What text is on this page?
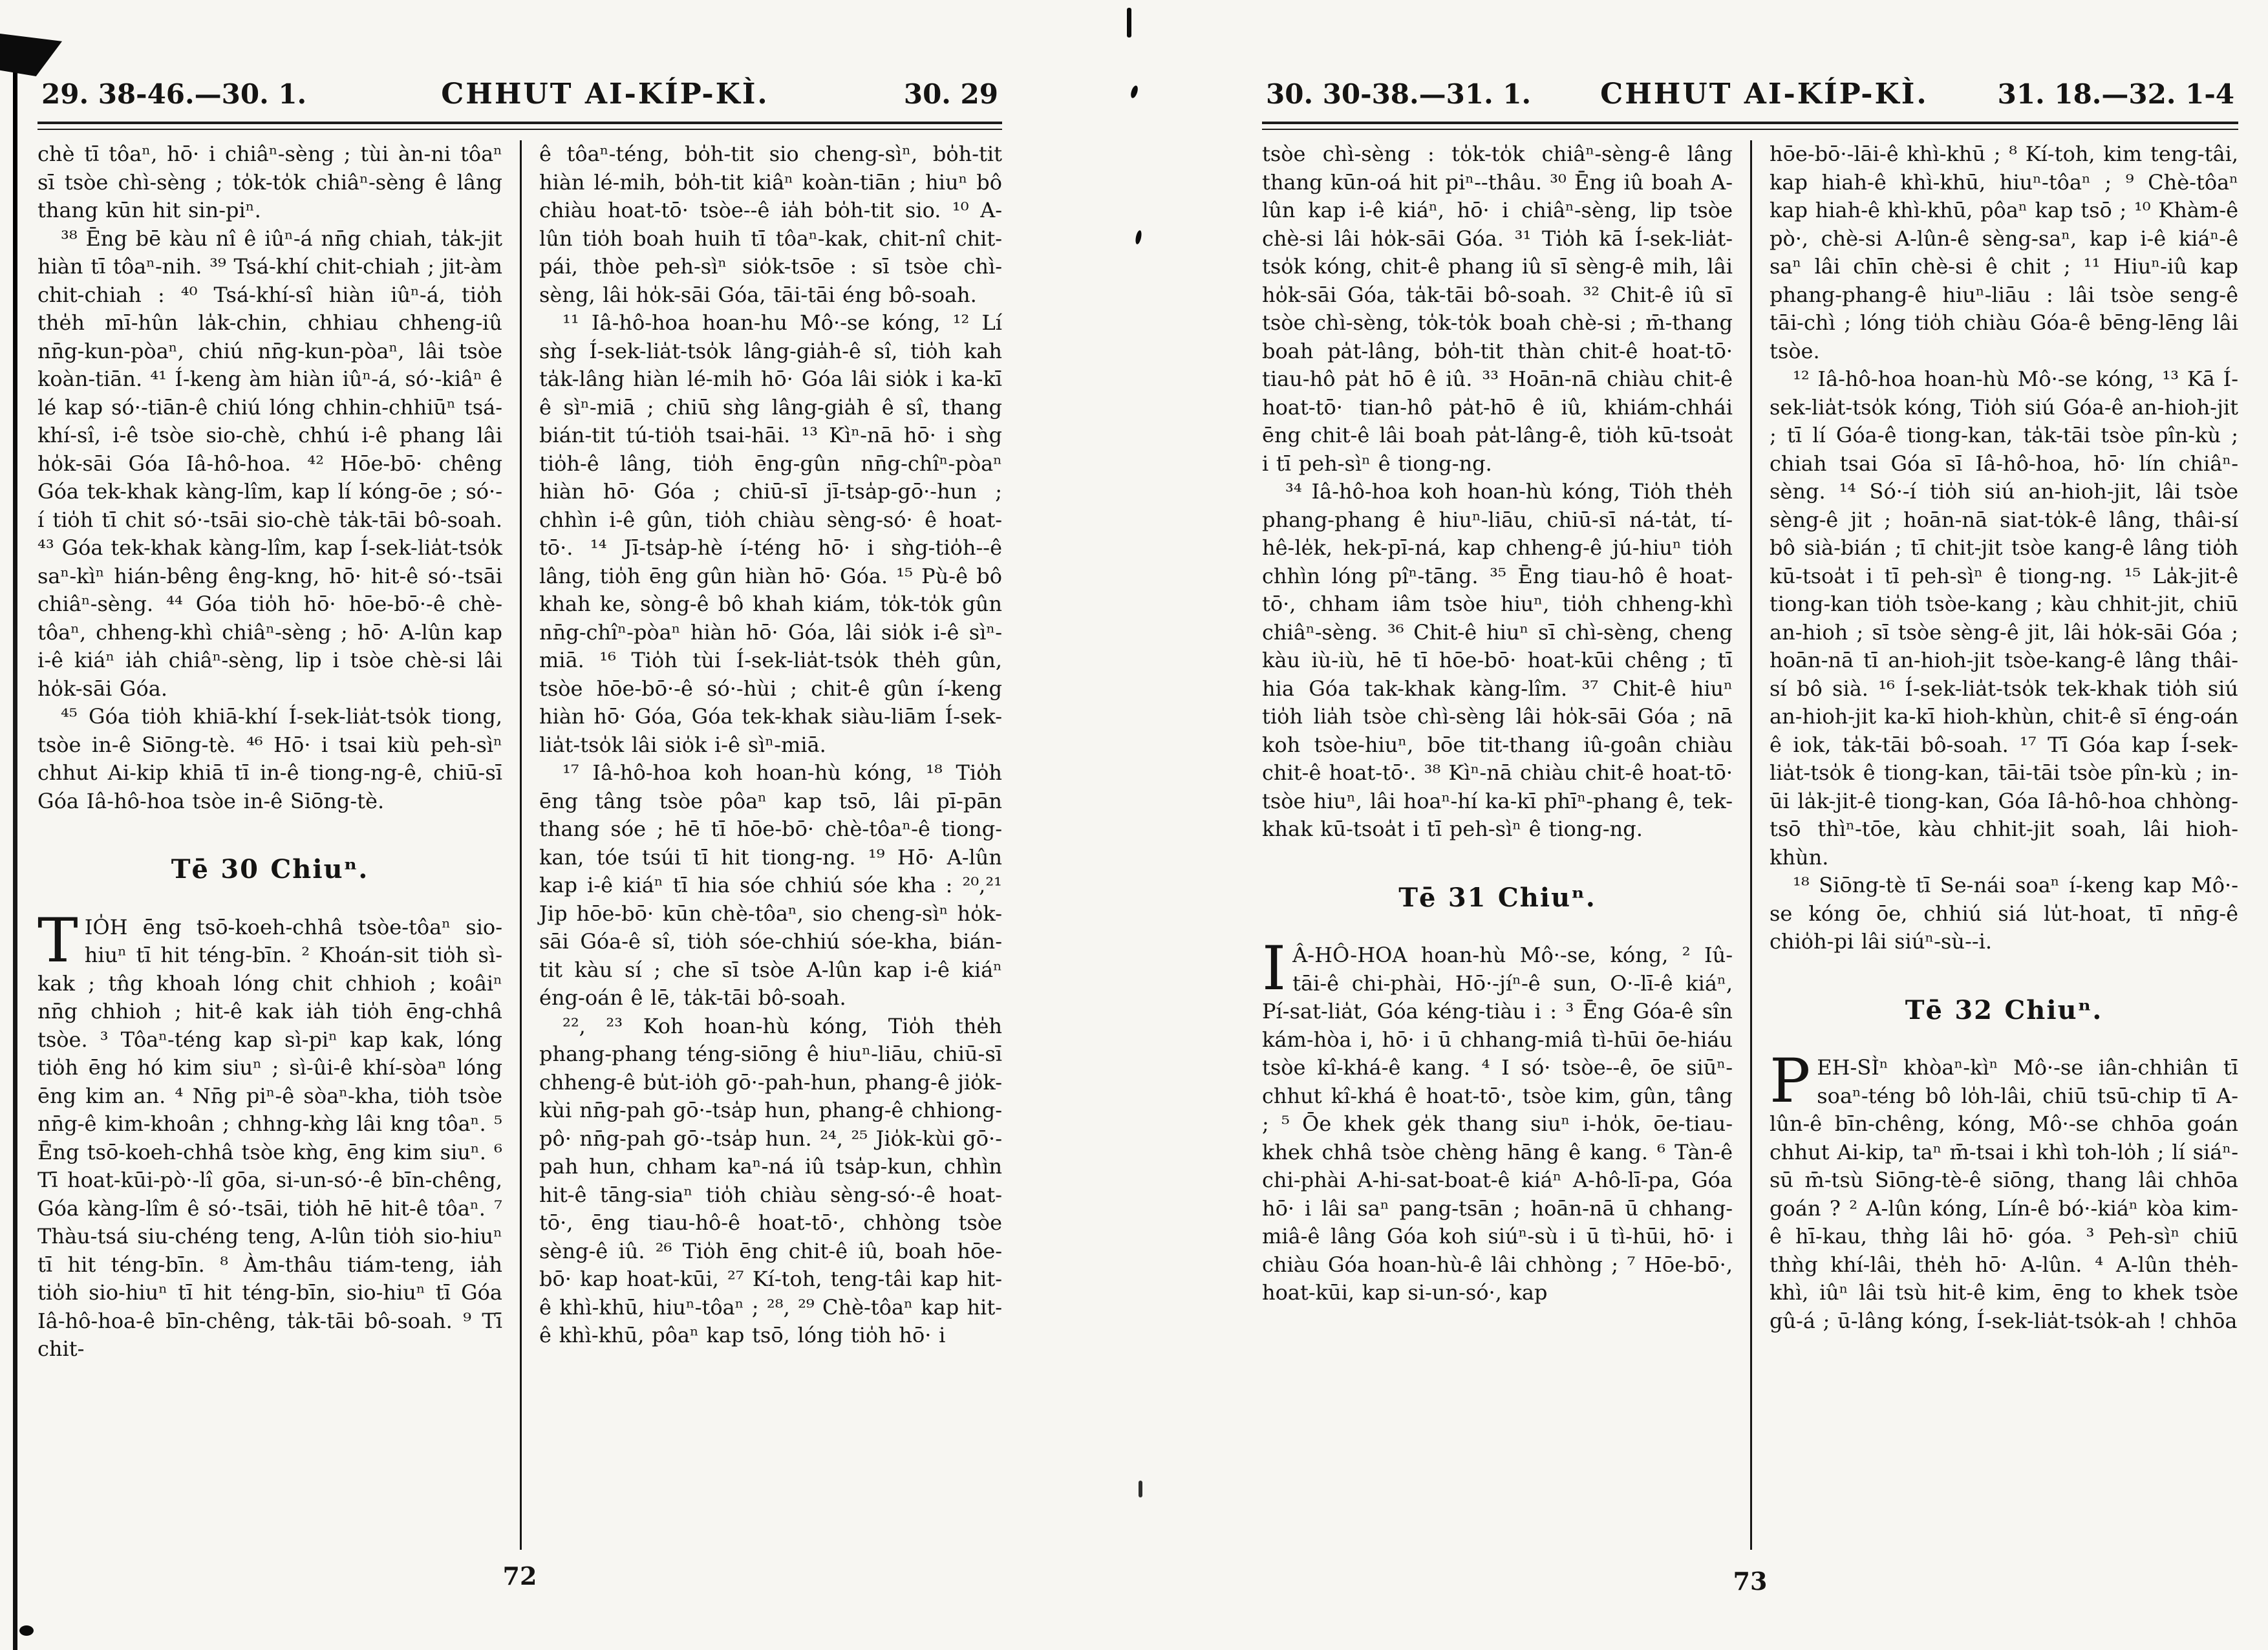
29. 38-46.—30. 1.	CHHUT AI-KÍP-KÌ.	30. 29

chè tī tôaⁿ, hō· i chiâⁿ-sèng ; tùi àn-ni tôaⁿ sī tsòe chì-sèng ; to̍k-to̍k chiâⁿ-sèng ê lâng thang kūn hit sin-piⁿ.

³⁸ Ēng bē kàu nî ê iûⁿ-á nn̄g chiah, ta̍k-jit hiàn tī tôaⁿ-nih. ³⁹ Tsá-khí chit-chiah ; jit-àm chit-chiah : ⁴⁰ Tsá-khí-sî hiàn iûⁿ-á, tio̍h the̍h mī-hûn la̍k-chin, chhiau chheng-iû nn̄g-kun-pòaⁿ, chiú nn̄g-kun-pòaⁿ, lâi tsòe koàn-tiān. ⁴¹ Í-keng àm hiàn iûⁿ-á, só·-kiâⁿ ê lé kap só·-tiān-ê chiú lóng chhin-chhiūⁿ tsá-khí-sî, i-ê tsòe sio-chè, chhú i-ê phang lâi ho̍k-sāi Góa Iâ-hô-hoa. ⁴² Hōe-bō· chêng Góa tek-khak kàng-lîm, kap lí kóng-ōe ; só·-í tio̍h tī chit só·-tsāi sio-chè ta̍k-tāi bô-soah. ⁴³ Góa tek-khak kàng-lîm, kap Í-sek-lia̍t-tso̍k saⁿ-kìⁿ hián-bêng êng-kng, hō· hit-ê só·-tsāi chiâⁿ-sèng. ⁴⁴ Góa tio̍h hō· hōe-bō·-ê chè-tôaⁿ, chheng-khì chiâⁿ-sèng ; hō· A-lûn kap i-ê kiáⁿ ia̍h chiâⁿ-sèng, lip i tsòe chè-si lâi ho̍k-sāi Góa.

⁴⁵ Góa tio̍h khiā-khí Í-sek-lia̍t-tso̍k tiong, tsòe in-ê Siōng-tè. ⁴⁶ Hō· i tsai kiù peh-sìⁿ chhut Ai-kip khiā tī in-ê tiong-ng-ê, chiū-sī Góa Iâ-hô-hoa tsòe in-ê Siōng-tè.

Tē 30 Chiuⁿ.

TIO̍H ēng tsō-koeh-chhâ tsòe-tôaⁿ sio-hiuⁿ tī hit téng-bīn. ² Khoán-sit tio̍h sì-kak ; tn̂g khoah lóng chit chhioh ; koâiⁿ nn̄g chhioh ; hit-ê kak ia̍h tio̍h ēng-chhâ tsòe. ³ Tôaⁿ-téng kap sì-piⁿ kap kak, lóng tio̍h ēng hó kim siuⁿ ; sì-ûi-ê khí-sòaⁿ lóng ēng kim an. ⁴ Nn̄g piⁿ-ê sòaⁿ-kha, tio̍h tsòe nn̄g-ê kim-khoân ; chhng-kǹg lâi kng tôaⁿ. ⁵ Ēng tsō-koeh-chhâ tsòe kǹg, ēng kim siuⁿ. ⁶ Tī hoat-kūi-pò·-lî gōa, si-un-só·-ê bīn-chêng, Góa kàng-lîm ê só·-tsāi, tio̍h hē hit-ê tôaⁿ. ⁷ Thàu-tsá siu-chéng teng, A-lûn tio̍h sio-hiuⁿ tī hit téng-bīn. ⁸ Àm-thâu tiám-teng, ia̍h tio̍h sio-hiuⁿ tī hit téng-bīn, sio-hiuⁿ tī Góa Iâ-hô-hoa-ê bīn-chêng, ta̍k-tāi bô-soah. ⁹ Tī chit-

ê tôaⁿ-téng, bo̍h-tit sio cheng-sìⁿ, bo̍h-tit hiàn lé-mi̍h, bo̍h-tit kiâⁿ koàn-tiān ; hiuⁿ bô chiàu hoat-tō· tsòe--ê ia̍h bo̍h-tit sio. ¹⁰ A-lûn tio̍h boah huih tī tôaⁿ-kak, chit-nî chit-pái, thòe peh-sìⁿ sio̍k-tsōe : sī tsòe chì-sèng, lâi ho̍k-sāi Góa, tāi-tāi éng bô-soah.

¹¹ Iâ-hô-hoa hoan-hu Mô·-se kóng, ¹² Lí sǹg Í-sek-lia̍t-tso̍k lâng-gia̍h-ê sî, tio̍h kah ta̍k-lâng hiàn lé-mi̍h hō· Góa lâi sio̍k i ka-kī ê sìⁿ-miā ; chiū sǹg lâng-gia̍h ê sî, thang bián-tit tú-tio̍h tsai-hāi. ¹³ Kìⁿ-nā hō· i sǹg tio̍h-ê lâng, tio̍h ēng-gûn nn̄g-chîⁿ-pòaⁿ hiàn hō· Góa ; chiū-sī jī-tsa̍p-gō·-hun ; chhìn i-ê gûn, tio̍h chiàu sèng-só· ê hoat-tō·. ¹⁴ Jī-tsa̍p-hè í-téng hō· i sǹg-tio̍h--ê lâng, tio̍h ēng gûn hiàn hō· Góa. ¹⁵ Pù-ê bô khah ke, sòng-ê bô khah kiám, to̍k-to̍k gûn nn̄g-chîⁿ-pòaⁿ hiàn hō· Góa, lâi sio̍k i-ê sìⁿ-miā. ¹⁶ Tio̍h tùi Í-sek-lia̍t-tso̍k the̍h gûn, tsòe hōe-bō·-ê só·-hùi ; chit-ê gûn í-keng hiàn hō· Góa, Góa tek-khak siàu-liām Í-sek-lia̍t-tso̍k lâi sio̍k i-ê sìⁿ-miā.

¹⁷ Iâ-hô-hoa koh hoan-hù kóng, ¹⁸ Tio̍h ēng tâng tsòe pôaⁿ kap tsō, lâi pī-pān thang sóe ; hē tī hōe-bō· chè-tôaⁿ-ê tiong-kan, tóe tsúi tī hit tiong-ng. ¹⁹ Hō· A-lûn kap i-ê kiáⁿ tī hia sóe chhiú sóe kha : ²⁰,²¹ Jip hōe-bō· kūn chè-tôaⁿ, sio cheng-sìⁿ ho̍k-sāi Góa-ê sî, tio̍h sóe-chhiú sóe-kha, bián-tit kàu sí ; che sī tsòe A-lûn kap i-ê kiáⁿ éng-oán ê lē, ta̍k-tāi bô-soah.

²², ²³ Koh hoan-hù kóng, Tio̍h the̍h phang-phang téng-siōng ê hiuⁿ-liāu, chiū-sī chheng-ê bu̍t-io̍h gō·-pah-hun, phang-ê jio̍k-kùi nn̄g-pah gō·-tsa̍p hun, phang-ê chhiong-pô· nn̄g-pah gō·-tsa̍p hun. ²⁴, ²⁵ Jio̍k-kùi gō·-pah hun, chham kaⁿ-ná iû tsa̍p-kun, chhìn hit-ê tāng-siaⁿ tio̍h chiàu sèng-só·-ê hoat-tō·, ēng tiau-hô-ê hoat-tō·, chhòng tsòe sèng-ê iû. ²⁶ Tio̍h ēng chit-ê iû, boah hōe-bō· kap hoat-kūi, ²⁷ Kí-toh, teng-tâi kap hit-ê khì-khū, hiuⁿ-tôaⁿ ; ²⁸, ²⁹ Chè-tôaⁿ kap hit-ê khì-khū, pôaⁿ kap tsō, lóng tio̍h hō· i

72
30. 30-38.—31. 1. CHHUT AI-KÍP-KÌ.	31. 18.—32. 1-4

tsòe chì-sèng : to̍k-to̍k chiâⁿ-sèng-ê lâng thang kūn-oá hit piⁿ--thâu. ³⁰ Ēng iû boah A-lûn kap i-ê kiáⁿ, hō· i chiâⁿ-sèng, lip tsòe chè-si lâi ho̍k-sāi Góa. ³¹ Tio̍h kā Í-sek-lia̍t-tso̍k kóng, chit-ê phang iû sī sèng-ê mi̍h, lâi ho̍k-sāi Góa, ta̍k-tāi bô-soah. ³² Chit-ê iû sī tsòe chì-sèng, to̍k-to̍k boah chè-si ; m̄-thang boah pa̍t-lâng, bo̍h-tit thàn chit-ê hoat-tō· tiau-hô pa̍t hō ê iû. ³³ Hoān-nā chiàu chit-ê hoat-tō· tian-hô pa̍t-hō ê iû, khiám-chhái ēng chit-ê lâi boah pa̍t-lâng-ê, tio̍h kū-tsoa̍t i tī peh-sìⁿ ê tiong-ng.

³⁴ Iâ-hô-hoa koh hoan-hù kóng, Tio̍h the̍h phang-phang ê hiuⁿ-liāu, chiū-sī ná-ta̍t, tí-hê-le̍k, hek-pī-ná, kap chheng-ê jú-hiuⁿ tio̍h chhìn lóng pîⁿ-tāng. ³⁵ Ēng tiau-hô ê hoat-tō·, chham iâm tsòe hiuⁿ, tio̍h chheng-khì chiâⁿ-sèng. ³⁶ Chit-ê hiuⁿ sī chì-sèng, cheng kàu iù-iù, hē tī hōe-bō· hoat-kūi chêng ; tī hia Góa tak-khak kàng-lîm. ³⁷ Chit-ê hiuⁿ tio̍h lia̍h tsòe chì-sèng lâi ho̍k-sāi Góa ; nā koh tsòe-hiuⁿ, bōe tit-thang iû-goân chiàu chit-ê hoat-tō·. ³⁸ Kìⁿ-nā chiàu chit-ê hoat-tō· tsòe hiuⁿ, lâi hoaⁿ-hí ka-kī phīⁿ-phang ê, tek-khak kū-tsoa̍t i tī peh-sìⁿ ê tiong-ng.

Tē 31 Chiuⁿ.

I Â-HÔ-HOA hoan-hù Mô·-se, kóng, ² Iû-tāi-ê chi-phài, Hō·-jíⁿ-ê sun, O·-lī-ê kiáⁿ, Pí-sat-lia̍t, Góa kéng-tiàu i : ³ Ēng Góa-ê sîn kám-hòa i, hō· i ū chhang-miâ tì-hūi ōe-hiáu tsòe kî-khá-ê kang. ⁴ I só· tsòe--ê, ōe siūⁿ-chhut kî-khá ê hoat-tō·, tsòe kim, gûn, tâng ; ⁵ Ōe khek ge̍k thang siuⁿ i-ho̍k, ōe-tiau-khek chhâ tsòe chèng hāng ê kang. ⁶ Tàn-ê chi-phài A-hi-sat-boat-ê kiáⁿ A-hô-lī-pa, Góa hō· i lâi saⁿ pang-tsān ; hoān-nā ū chhang-miâ-ê lâng Góa koh siúⁿ-sù i ū tì-hūi, hō· i chiàu Góa hoan-hù-ê lâi chhòng ; ⁷ Hōe-bō·, hoat-kūi, kap si-un-só·, kap

hōe-bō·-lāi-ê khì-khū ; ⁸ Kí-toh, kim teng-tâi, kap hiah-ê khì-khū, hiuⁿ-tôaⁿ ; ⁹ Chè-tôaⁿ kap hiah-ê khì-khū, pôaⁿ kap tsō ; ¹⁰ Khàm-ê pò·, chè-si A-lûn-ê sèng-saⁿ, kap i-ê kiáⁿ-ê saⁿ lâi chīn chè-si ê chit ; ¹¹ Hiuⁿ-iû kap phang-phang-ê hiuⁿ-liāu : lâi tsòe seng-ê tāi-chì ; lóng tio̍h chiàu Góa-ê bēng-lēng lâi tsòe.

¹² Iâ-hô-hoa hoan-hù Mô·-se kóng, ¹³ Kā Í-sek-lia̍t-tso̍k kóng, Tio̍h siú Góa-ê an-hioh-jit ; tī lí Góa-ê tiong-kan, ta̍k-tāi tsòe pîn-kù ; chiah tsai Góa sī Iâ-hô-hoa, hō· lín chiâⁿ-sèng. ¹⁴ Só·-í tio̍h siú an-hioh-jit, lâi tsòe sèng-ê jit ; hoān-nā siat-to̍k-ê lâng, thâi-sí bô sià-bián ; tī chit-jit tsòe kang-ê lâng tio̍h kū-tsoa̍t i tī peh-sìⁿ ê tiong-ng. ¹⁵ La̍k-jit-ê tiong-kan tio̍h tsòe-kang ; kàu chhit-jit, chiū an-hioh ; sī tsòe sèng-ê jit, lâi ho̍k-sāi Góa ; hoān-nā tī an-hioh-jit tsòe-kang-ê lâng thâi-sí bô sià. ¹⁶ Í-sek-lia̍t-tso̍k tek-khak tio̍h siú an-hioh-jit ka-kī hioh-khùn, chit-ê sī éng-oán ê iok, ta̍k-tāi bô-soah. ¹⁷ Tī Góa kap Í-sek-lia̍t-tso̍k ê tiong-kan, tāi-tāi tsòe pîn-kù ; in-ūi la̍k-jit-ê tiong-kan, Góa Iâ-hô-hoa chhòng-tsō thìⁿ-tōe, kàu chhit-jit soah, lâi hioh-khùn.

¹⁸ Siōng-tè tī Se-nái soaⁿ í-keng kap Mô·-se kóng ōe, chhiú siá lu̍t-hoat, tī nn̄g-ê chio̍h-pi lâi siúⁿ-sù--i.

Tē 32 Chiuⁿ.

PEH-SÌⁿ khòaⁿ-kìⁿ Mô·-se iân-chhiân tī soaⁿ-téng bô lo̍h-lâi, chiū tsū-chip tī A-lûn-ê bīn-chêng, kóng, Mô·-se chhōa goán chhut Ai-kip, taⁿ m̄-tsai i khì toh-lo̍h ; lí siáⁿ-sū m̄-tsù Siōng-tè-ê siōng, thang lâi chhōa goán ? ² A-lûn kóng, Lín-ê bó·-kiáⁿ kòa kim-ê hī-kau, thǹg lâi hō· góa. ³ Peh-sìⁿ chiū thǹg khí-lâi, the̍h hō· A-lûn. ⁴ A-lûn the̍h-khì, iûⁿ lâi tsù hit-ê kim, ēng to khek tsòe gû-á ; ū-lâng kóng, Í-sek-lia̍t-tso̍k-ah ! chhōa

73
